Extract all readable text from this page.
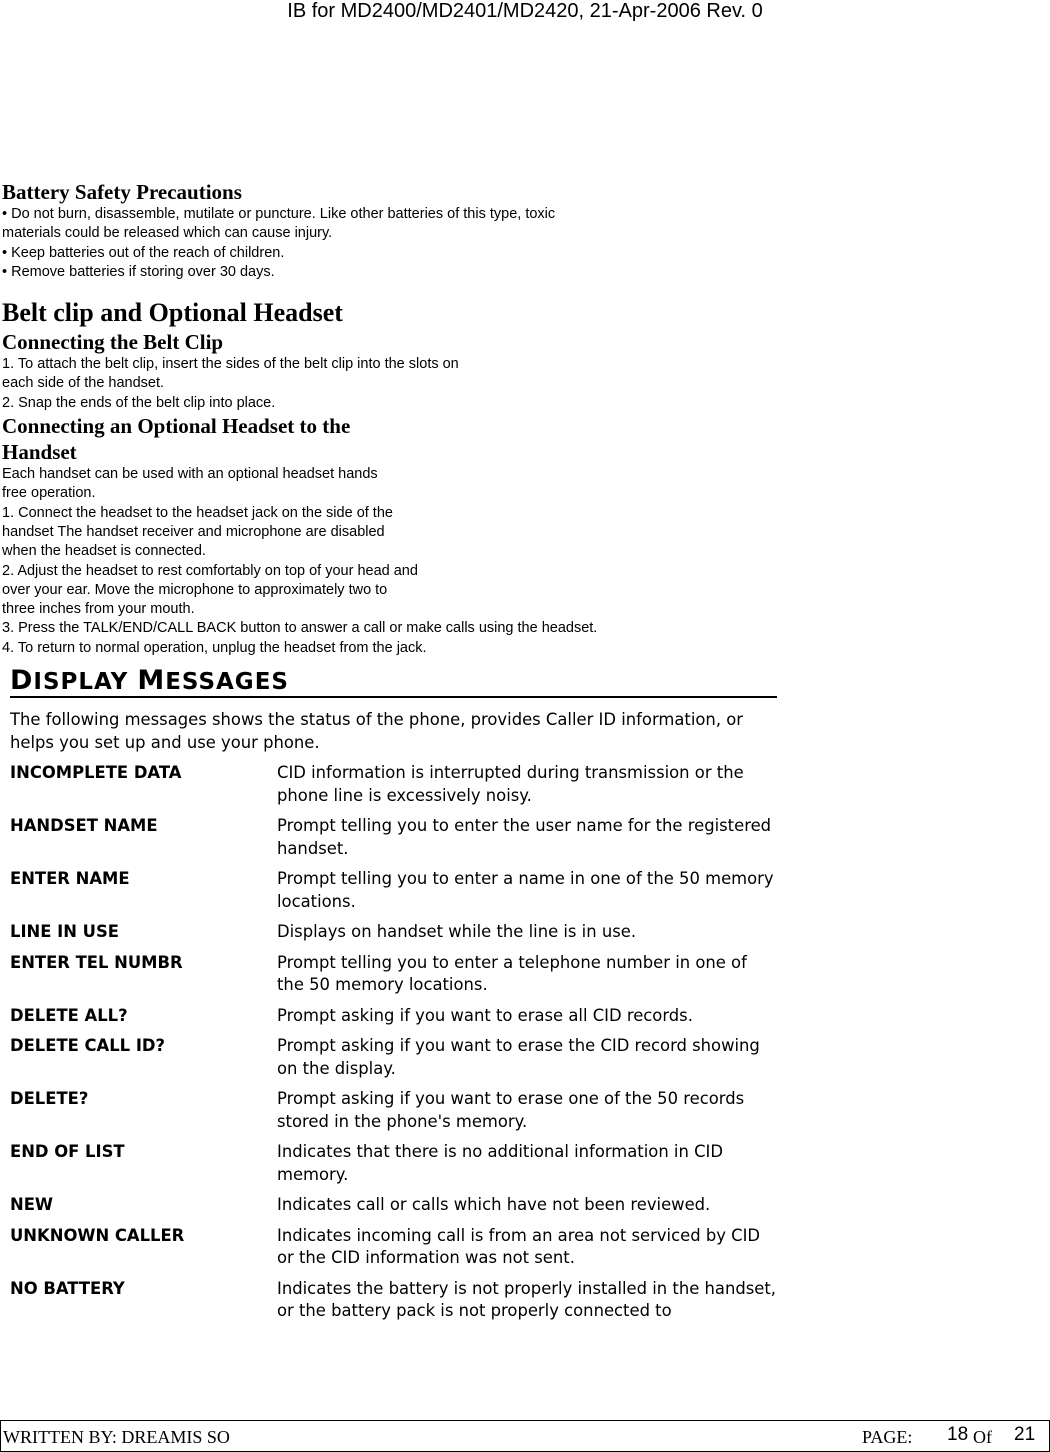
IB for MD2400/MD2401/MD2420, 21-Apr-2006 Rev. 0
Battery Safety Precautions
• Do not burn, disassemble, mutilate or puncture. Like other batteries of this type, toxic
materials could be released which can cause injury.
• Keep batteries out of the reach of children.
• Remove batteries if storing over 30 days.
Belt clip and Optional Headset
Connecting the Belt Clip
1. To attach the belt clip, insert the sides of the belt clip into the slots on
each side of the handset.
2. Snap the ends of the belt clip into place.
Connecting an Optional Headset to the
Handset
Each handset can be used with an optional headset hands
free operation.
1. Connect the headset to the headset jack on the side of the
handset The handset receiver and microphone are disabled
when the headset is connected.
2. Adjust the headset to rest comfortably on top of your head and
over your ear. Move the microphone to approximately two to
three inches from your mouth.
3. Press the TALK/END/CALL BACK button to answer a call or make calls using the headset.
4. To return to normal operation, unplug the headset from the jack.
DISPLAY MESSAGES
The following messages shows the status of the phone, provides Caller ID information, or helps you set up and use your phone.
INCOMPLETE DATA	CID information is interrupted during transmission or the phone line is excessively noisy.
HANDSET NAME	Prompt telling you to enter the user name for the registered handset.
ENTER NAME	Prompt telling you to enter a name in one of the 50 memory locations.
LINE IN USE	Displays on handset while the line is in use.
ENTER TEL NUMBR	Prompt telling you to enter a telephone number in one of the 50 memory locations.
DELETE ALL?	Prompt asking if you want to erase all CID records.
DELETE CALL ID?	Prompt asking if you want to erase the CID record showing on the display.
DELETE?	Prompt asking if you want to erase one of the 50 records stored in the phone's memory.
END OF LIST	Indicates that there is no additional information in CID memory.
NEW	Indicates call or calls which have not been reviewed.
UNKNOWN CALLER	Indicates incoming call is from an area not serviced by CID or the CID information was not sent.
NO BATTERY	Indicates the battery is not properly installed in the handset, or the battery pack is not properly connected to
WRITTEN BY: DREAMIS SO	PAGE: 18 Of 21
